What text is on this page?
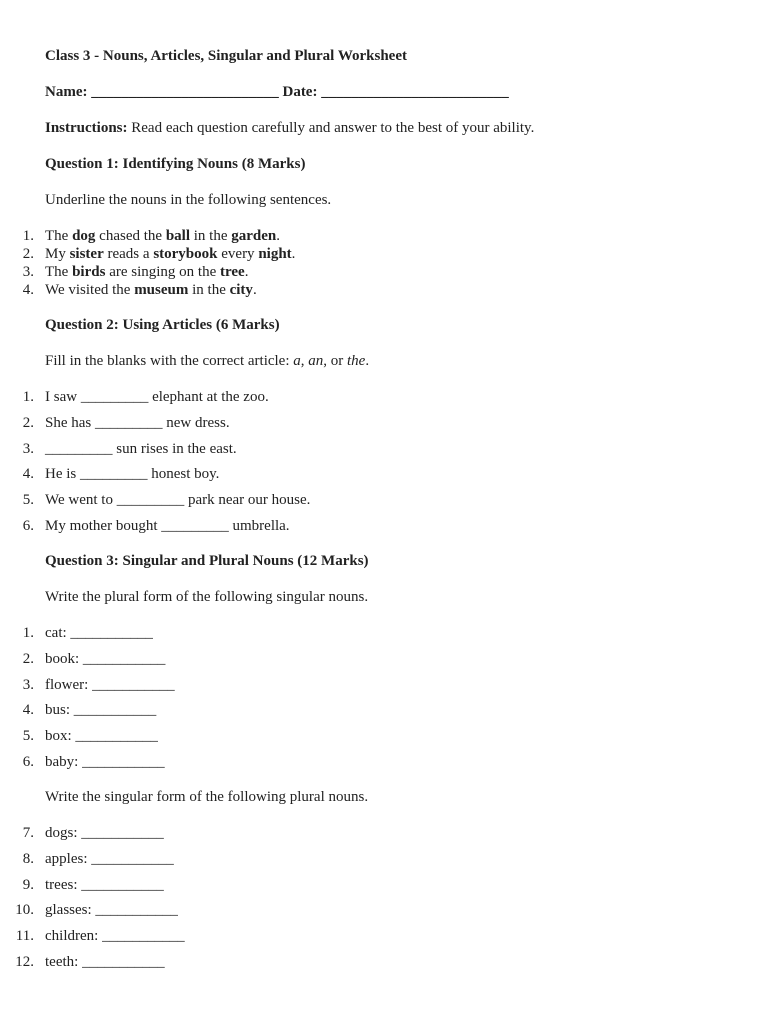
Class 3 - Nouns, Articles, Singular and Plural Worksheet
Name: _________________________ Date: _________________________
Instructions: Read each question carefully and answer to the best of your ability.
Question 1: Identifying Nouns (8 Marks)
Underline the nouns in the following sentences.
1. The dog chased the ball in the garden.
2. My sister reads a storybook every night.
3. The birds are singing on the tree.
4. We visited the museum in the city.
Question 2: Using Articles (6 Marks)
Fill in the blanks with the correct article: a, an, or the.
1. I saw _________ elephant at the zoo.
2. She has _________ new dress.
3. _________ sun rises in the east.
4. He is _________ honest boy.
5. We went to _________ park near our house.
6. My mother bought _________ umbrella.
Question 3: Singular and Plural Nouns (12 Marks)
Write the plural form of the following singular nouns.
1. cat: ___________
2. book: ___________
3. flower: ___________
4. bus: ___________
5. box: ___________
6. baby: ___________
Write the singular form of the following plural nouns.
7. dogs: ___________
8. apples: ___________
9. trees: ___________
10. glasses: ___________
11. children: ___________
12. teeth: ___________
